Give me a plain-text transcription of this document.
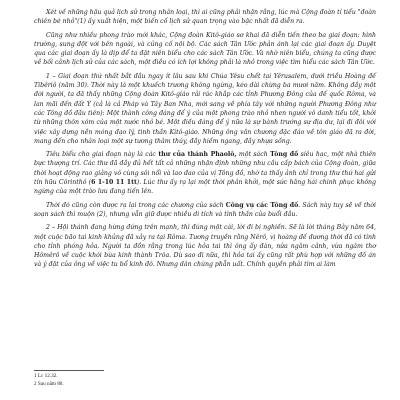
Xét về những hậu quả lịch sử trong nhân loại, thì ai cũng phải nhận rằng, lúc mà Cộng đoàn tí tiểu "đoàn chiên bé nhỏ"(1) ấy xuất hiện, một biến cố lịch sử quan trọng vào bậc nhất đã diễn ra.

Cũng như nhiều phong trào mới khác, Cộng đoàn Kitô-giáo sơ khai đã diễn tiến theo ba giai đoạn: hình trường, sung đột với bên ngoài, và củng cố nội bộ. Các sách Tân Ước phản ánh lại các giai đoạn ấy. Duyệt qua các giai đoạn ấy là dịp để ta đặt niên biểu cho các sách Tân Ước. Và nhờ niên biểu, chúng ta cũng được về bối cảnh lịch sử của các sách, một điều có ích lợi không phải là nhỏ trong việc tìm hiểu các sách Tân Ước.

1 – Giai đoạn thứ nhất bắt đầu ngay ít lâu sau khi Chúa Yêsu chết tại Yêrusalem, dưới triều Hoàng đế Tibêriô (năm 30). Thời này là một khuếch trương không ngừng, kéo dài chừng ba mươi năm. Không đầy một đời người, ta đã thấy những Cộng đoàn Kitô-giáo rải rác khắp các tỉnh Phương Đông của đế quốc Rôma, và lan mãi đến đất Ý (cả là cả Pháp và Tây Ban Nha, mới sang về phía tây với những người Phương Đông như các Tông đồ đầu tiên): Một thành công đáng để ý của một phong trào nhỏ nhen người vô danh tiểu tốt, khởi từ những thôn xóm của một nước nhỏ bé. Một điều đáng để ý nữa là sự bành trướng sự địa dư, lại đi đôi với việc xây dựng nền móng đạo lý, tinh thần Kitô-giáo. Những ông văn chương đặc đáo về tôn giáo đã ra đời, mang đến cho nhân loại một sự tương thâm thúy, đầy hiếm ngang, đầy nhựa sống.

Tiêu biểu cho giai đoạn này là các thư của thánh Phaolô, một sách Tông đồ siêu hạc, một nhà thiên bực thượng trí. Các thư đã đầy đủ hết tất cả những nhận định những nhu cầu cấp bách của Cộng đoàn, giữa thời hoạt động rao giảng vô cùng sôi nổi và lao đao của vị Tông đồ, nhờ ta thấy ảnh chỉ trong thư thứ hai gửi tín hữu Côrinthô (6 1-10 11 1tt). Lúc thư ấy rạ lại một thời phân khởi, một sức hăng hái chinh phục không ngừng của một trào lưu đang tiến lên.

Thời đó cũng còn được rạ lại trong các chương của sách Công vụ các Tông đồ. Sách này tuy sẽ về thời soạn sách thì muộn (2), nhưng vẫn giữ được nhiều di tích và tình thần của buổi đầu.

2 – Hội thánh đang hừng đứng trên mạnh, thì đúng một cái, lời đi bị nghiền. Sẽ là lời tháng Bảy năm 64, một cuộc bão tai kinh khủng đã xảy ra tại Rôma. Tương truyền rằng Nêrô, vị hoàng đế đương thời đã có tình cho tỉnh phóng hỏa. Người ta đồn rằng trong lúc hỏa tai thì ông ấy đàn, nửa ngâm cảnh, vừa ngâm thơ Hômêrô về cuộc khói bùa kinh thành Trôa. Dù sao đi nữa, thì hỏa tai ấy cũng rất phù hợp với những đồ án và ý đặt của ông về việc tu bổ kinh đô. Nhưng dân chúng phẫn uất. Chính quyền phải tìm ai làm

1 Lc 12.32.

2 Sau năm 80.
